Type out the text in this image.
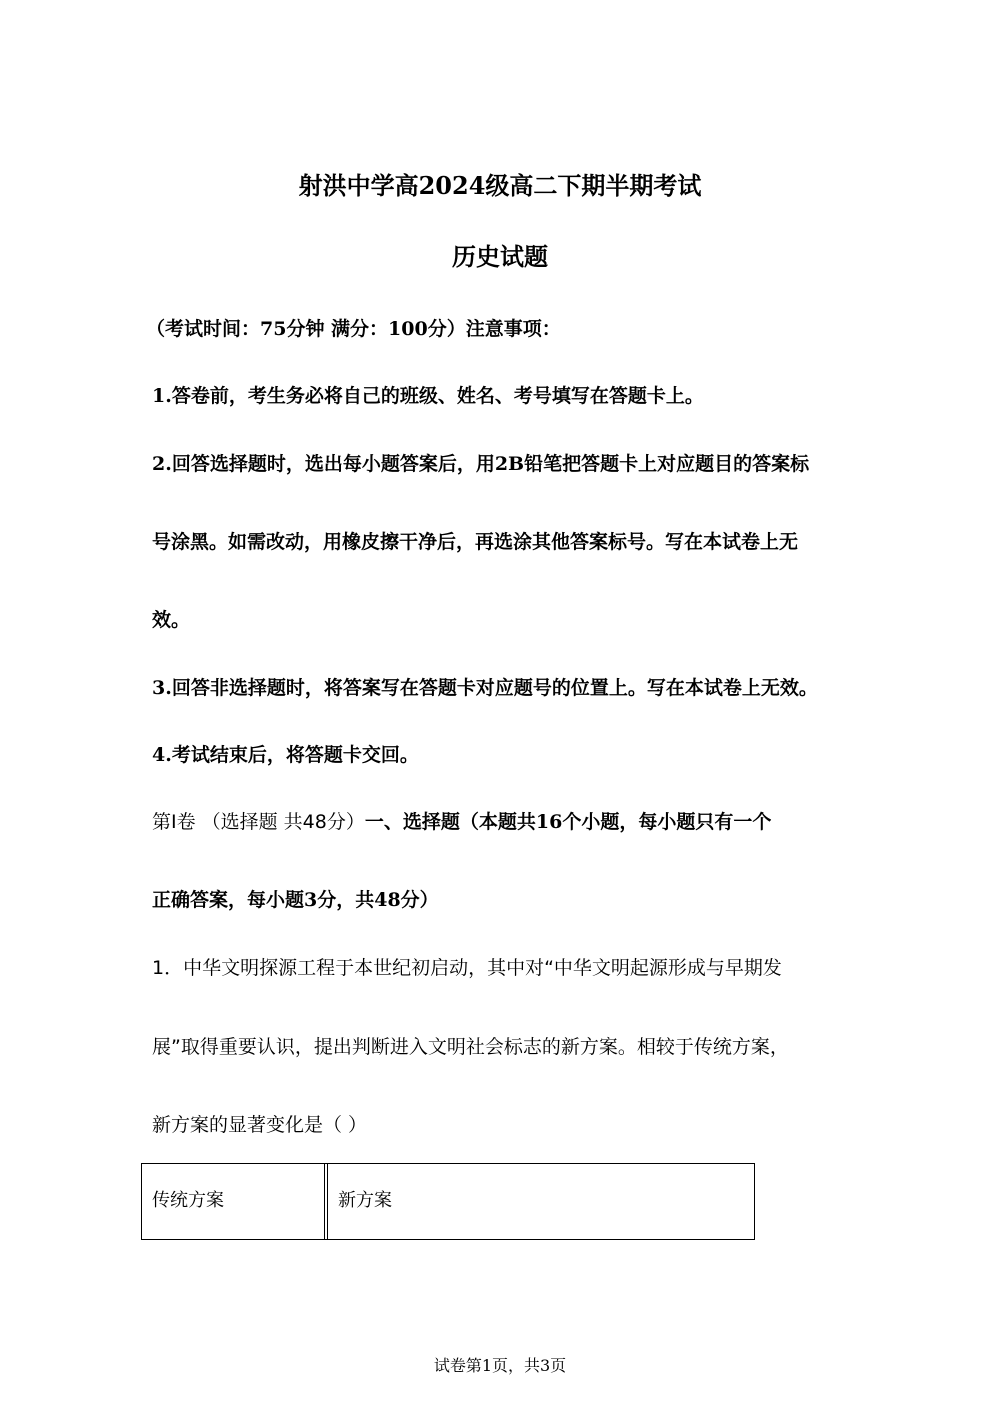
射洪中学高2024级高二下期半期考试
历史试题
（考试时间：75分钟 满分：100分）注意事项：
1.答卷前，考生务必将自己的班级、姓名、考号填写在答题卡上。
2.回答选择题时，选出每小题答案后，用2B铅笔把答题卡上对应题目的答案标
号涂黑。如需改动，用橡皮擦干净后，再选涂其他答案标号。写在本试卷上无
效。
3.回答非选择题时，将答案写在答题卡对应题号的位置上。写在本试卷上无效。
4.考试结束后，将答题卡交回。
第Ⅰ卷 （选择题 共48分）一、选择题（本题共16个小题，每小题只有一个
正确答案，每小题3分，共48分）
1．中华文明探源工程于本世纪初启动，其中对“中华文明起源形成与早期发
展”取得重要认识，提出判断进入文明社会标志的新方案。相较于传统方案，
新方案的显著变化是（ ）
传统方案		新方案
试卷第1页，共3页
